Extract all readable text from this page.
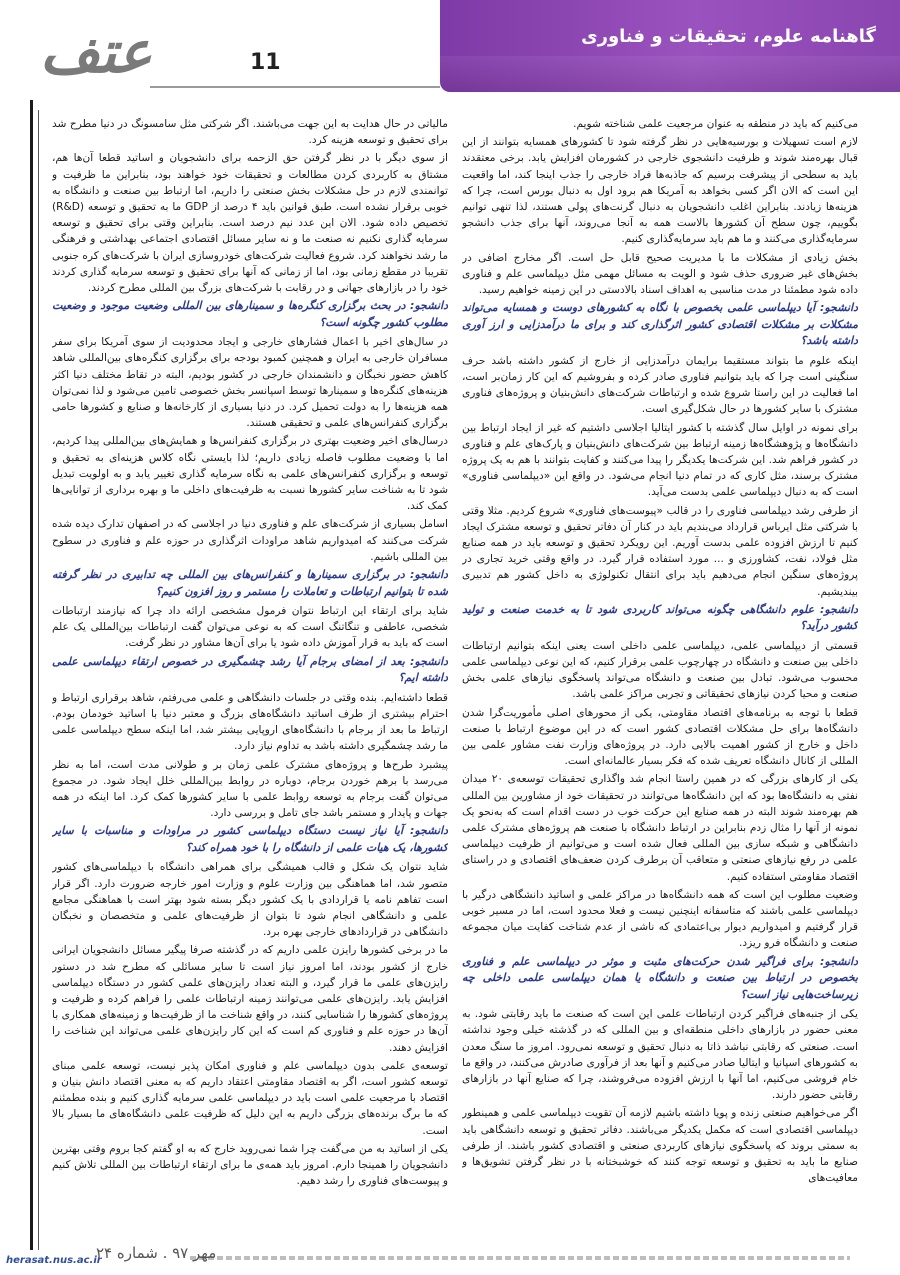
گاهنامه علوم، تحقیقات و فناوری
11
عتف

می‌کنیم که باید در منطقه به عنوان مرجعیت علمی شناخته شویم.

لازم است تسهیلات و بورسیه‌هایی در نظر گرفته شود تا کشورهای همسایه بتوانند از این قبال بهره‌مند شوند و ظرفیت دانشجوی خارجی در کشورمان افزایش یابد. برخی معتقدند باید به سطحی از پیشرفت برسیم که جاذبه‌ها فراد خارجی را جذب اینجا کند، اما واقعیت این است که الان اگر کسی بخواهد به آمریکا هم برود اول به دنبال بورس است، چرا که هزینه‌ها زیادند. بنابراین اغلب دانشجویان به دنبال گرنت‌های پولی هستند، لذا تنهی توانیم بگوییم، چون سطح آن کشورها بالاست همه به آنجا می‌روند، آنها برای جذب دانشجو سرمایه‌گذاری می‌کنند و ما هم باید سرمایه‌گذاری کنیم.

بخش زیادی از مشکلات ما با مدیریت صحیح قابل حل است. اگر مخارج اضافی در بخش‌های غیر ضروری حذف شود و الویت به مسائل مهمی مثل دیپلماسی علم و فناوری داده شود مطمئنا در مدت مناسبی به اهداف اسناد بالادستی در این زمینه خواهیم رسید.

دانشجو: آیا دیپلماسی علمی بخصوص با نگاه به کشورهای دوست و همسایه می‌تواند مشکلات بر مشکلات اقتصادی کشور اثرگذاری کند و برای ما درآمدزایی و ارز آوری داشته باشد؟

اینکه علوم ما بتواند مستقیما برایمان درآمدزایی از خارج از کشور داشته باشد حرف سنگینی است چرا که باید بتوانیم فناوری صادر کرده و بفروشیم که این کار زمان‌بر است، اما فعالیت در این راستا شروع شده و ارتباطات شرکت‌های دانش‌بنیان و پروژه‌های فناوری مشترک با سایر کشورها در حال شکل‌گیری است.

برای نمونه در اوایل سال گذشته با کشور ایتالیا اجلاسی داشتیم که غیر از ایجاد ارتباط بین دانشگاه‌ها و پژوهشگاه‌ها زمینه ارتباط بین شرکت‌های دانش‌بنیان و پارک‌های علم و فناوری در کشور فراهم شد. این شرکت‌ها یکدیگر را پیدا می‌کنند و کفایت بتوانند با هم به یک پروژه مشترک برسند، مثل کاری که در تمام دنیا انجام می‌شود. در واقع این «دیپلماسی فناوری» است که به دنبال دیپلماسی علمی بدست می‌آید.

از طرفی رشد دیپلماسی فناوری را در قالب «پیوست‌های فناوری» شروع کردیم. مثلا وقتی با شرکتی مثل ایرباس قرارداد می‌بندیم باید در کنار آن دفاتر تحقیق و توسعه مشترک ایجاد کنیم تا ارزش افزوده علمی بدست آوریم. این رویکرد تحقیق و توسعه باید در همه صنایع مثل فولاد، نفت، کشاورزی و ... مورد استفاده قرار گیرد. در واقع وقتی خرید تجاری در پروژه‌های سنگین انجام می‌دهیم باید برای انتقال تکنولوژی به داخل کشور هم تدبیری بیندیشیم.

دانشجو: علوم دانشگاهی چگونه می‌تواند کاربردی شود تا به خدمت صنعت و تولید کشور درآید؟

قسمتی از دیپلماسی علمی، دیپلماسی علمی داخلی است یعنی اینکه بتوانیم ارتباطات داخلی بین صنعت و دانشگاه در چهارچوب علمی برقرار کنیم، که این نوعی دیپلماسی علمی محسوب می‌شود. تبادل بین صنعت و دانشگاه می‌تواند پاسخگوی نیازهای علمی بخش صنعت و محیا کردن نیازهای تحقیقاتی و تجربی مراکز علمی باشد.

قطعا با توجه به برنامه‌های اقتصاد مقاومتی، یکی از محورهای اصلی مأموریت‌گرا شدن دانشگاه‌ها برای حل مشکلات اقتصادی کشور است که در این موضوع ارتباط با صنعت داخل و خارج از کشور اهمیت بالایی دارد. در پروژه‌های وزارت نفت مشاور علمی بین المللی از کانال دانشگاه تعریف شده که فکر بسیار عالمانه‌ای است.

یکی از کارهای بزرگی که در همین راستا انجام شد واگذاری تحقیقات توسعه‌ی ۲۰ میدان نفتی به دانشگاه‌ها بود که این دانشگاه‌ها می‌توانند در تحقیقات خود از مشاورین بین المللی هم بهره‌مند شوند البته در همه صنایع این حرکت خوب در دست اقدام است که به‌نحو یک نمونه از آنها را مثال زدم بنابراین در ارتباط دانشگاه با صنعت هم پروژه‌های مشترک علمی دانشگاهی و شبکه سازی بین المللی فعال شده است و می‌توانیم از ظرفیت دیپلماسی علمی در رفع نیازهای صنعتی و متعاقب آن برطرف کردن ضعف‌های اقتصادی و در راستای اقتصاد مقاومتی استفاده کنیم.

وضعیت مطلوب این است که همه دانشگاه‌ها در مراکز علمی و اساتید دانشگاهی درگیر با دیپلماسی علمی باشند که متاسفانه اینچنین نیست و فعلا محدود است، اما در مسیر خوبی قرار گرفتیم و امیدواریم دیوار بی‌اعتمادی که ناشی از عدم شناخت کفایت میان مجموعه صنعت و دانشگاه فرو ریزد.

دانشجو: برای فراگیر شدن حرکت‌های مثبت و موثر در دیپلماسی علم و فناوری بخصوص در ارتباط بین صنعت و دانشگاه یا همان دیپلماسی علمی داخلی چه زیرساخت‌هایی نیاز است؟

یکی از جنبه‌های فراگیر کردن ارتباطات علمی این است که صنعت ما باید رقابتی شود. به معنی حضور در بازارهای داخلی منطقه‌ای و بین المللی که در گذشته خیلی وجود نداشته است. صنعتی که رقابتی نباشد ذاتا به دنبال تحقیق و توسعه نمی‌رود. امروز ما سنگ معدن به کشورهای اسپانیا و ایتالیا صادر می‌کنیم و آنها بعد از فرآوری صادرش می‌کنند، در واقع ما خام فروشی می‌کنیم، اما آنها با ارزش افزوده می‌فروشند، چرا که صنایع آنها در بازارهای رقابتی حضور دارند.

اگر می‌خواهیم صنعتی زنده و پویا داشته باشیم لازمه آن تقویت دیپلماسی علمی و همینطور دیپلماسی اقتصادی است که مکمل یکدیگر می‌باشند. دفاتر تحقیق و توسعه دانشگاهی باید به سمتی بروند که پاسخگوی نیازهای کاربردی صنعتی و اقتصادی کشور باشند. از طرفی صنایع ما باید به تحقیق و توسعه توجه کنند که خوشبختانه با در نظر گرفتن تشویق‌ها و معافیت‌های

مالیاتی در حال هدایت به این جهت می‌باشند. اگر شرکتی مثل سامسونگ در دنیا مطرح شد برای تحقیق و توسعه هزینه کرد.

از سوی دیگر با در نظر گرفتن حق الزحمه برای دانشجویان و اساتید قطعا آن‌ها هم، مشتاق به کاربردی کردن مطالعات و تحقیقات خود خواهند بود، بنابراین ما ظرفیت و توانمندی لازم در حل مشکلات بخش صنعتی را داریم، اما ارتباط بین صنعت و دانشگاه به خوبی برقرار نشده است. طبق قوانین باید ۴ درصد از GDP ما به تحقیق و توسعه (R&D) تخصیص داده شود. الان این عدد نیم درصد است. بنابراین وقتی برای تحقیق و توسعه سرمایه گذاری نکنیم نه صنعت ما و نه سایر مسائل اقتصادی اجتماعی بهداشتی و فرهنگی ما رشد نخواهند کرد. شروع فعالیت شرکت‌های خودروسازی ایران با شرکت‌های کره جنوبی تقریبا در مقطع زمانی بود، اما از زمانی که آنها برای تحقیق و توسعه سرمایه گذاری کردند خود را در بازارهای جهانی و در رقابت با شرکت‌های بزرگ بین المللی مطرح کردند.

دانشجو: در بحث برگزاری کنگره‌ها و سمینارهای بین المللی وضعیت موجود و وضعیت مطلوب کشور چگونه است؟

در سال‌های اخیر با اعمال فشارهای خارجی و ایجاد محدودیت از سوی آمریکا برای سفر مسافران خارجی به ایران و همچنین کمبود بودجه برای برگزاری کنگره‌های بین‌المللی شاهد کاهش حضور نخبگان و دانشمندان خارجی در کشور بودیم، البته در تقاط مختلف دنیا اکثر هزینه‌های کنگره‌ها و سمینارها توسط اسپانسر بخش خصوصی تامین می‌شود و لذا نمی‌توان همه هزینه‌ها را به دولت تحمیل کرد. در دنیا بسیاری از کارخانه‌ها و صنایع و کشورها حامی برگزاری کنفرانس‌های علمی و تحقیقی هستند.

درسال‌های اخیر وضعیت بهتری در برگزاری کنفرانس‌ها و همایش‌های بین‌المللی پیدا کردیم، اما با وضعیت مطلوب فاصله زیادی داریم؛ لذا بایستی نگاه کلاس هزینه‌ای به تحقیق و توسعه و برگزاری کنفرانس‌های علمی به نگاه سرمایه گذاری تغییر یابد و به اولویت تبدیل شود تا به شناخت سایر کشورها نسبت به ظرفیت‌های داخلی ما و بهره برداری از توانایی‌ها کمک کند.

اسامل بسیاری از شرکت‌های علم و فناوری دنیا در اجلاسی که در اصفهان تدارک دیده شده شرکت می‌کنند که امیدواریم شاهد مراودات اثرگذاری در حوزه علم و فناوری در سطوح بین المللی باشیم.

دانشجو: در برگزاری سمینارها و کنفرانس‌های بین المللی چه تدابیری در نظر گرفته شده تا بتوانیم ارتباطات و تعاملات را مستمر و روز افزون کنیم؟

شاید برای ارتقاء این ارتباط نتوان فرمول مشخصی ارائه داد چرا که نیازمند ارتباطات شخصی، عاطفی و تنگاتنگ است که به نوعی می‌توان گفت ارتباطات بین‌المللی یک علم است که باید به قرار آموزش داده شود یا برای آن‌ها مشاور در نظر گرفت.

دانشجو: بعد از امضای برجام آیا رشد چشمگیری در خصوص ارتقاء دیپلماسی علمی داشته ایم؟

قطعا داشته‌ایم. بنده وقتی در جلسات دانشگاهی و علمی می‌رفتم، شاهد برقراری ارتباط و احترام بیشتری از طرف اساتید دانشگاه‌های بزرگ و معتبر دنیا با اساتید خودمان بودم. ارتباط ما بعد از برجام با دانشگاه‌های اروپایی بیشتر شد، اما اینکه سطح دیپلماسی علمی ما رشد چشمگیری داشته باشد به تداوم نیاز دارد.

پیشبرد طرح‌ها و پروژه‌های مشترک علمی زمان بر و طولانی مدت است، اما به نظر می‌رسد با برهم خوردن برجام، دوباره در روابط بین‌المللی خلل ایجاد شود. در مجموع می‌توان گفت برجام به توسعه روابط علمی با سایر کشورها کمک کرد. اما اینکه در همه جهات و پایدار و مستمر باشد جای تامل و بررسی دارد.

دانشجو: آیا نیاز نیست دستگاه دیپلماسی کشور در مراودات و مناسبات با سایر کشورها، یک هیات علمی از دانشگاه را با خود همراه کند؟

شاید نتوان یک شکل و قالب همیشگی برای همراهی دانشگاه با دیپلماسی‌های کشور متصور شد، اما هماهنگی بین وزارت علوم و وزارت امور خارجه ضرورت دارد. اگر قرار است تفاهم نامه یا قراردادی با یک کشور دیگر بسته شود بهتر است با هماهنگی مجامع علمی و دانشگاهی انجام شود تا بتوان از ظرفیت‌های علمی و متخصصان و نخبگان دانشگاهی در قراردادهای خارجی بهره برد.

ما در برخی کشورها رایزن علمی داریم که در گذشته صرفا پیگیر مسائل دانشجویان ایرانی خارج از کشور بودند، اما امروز نیاز است تا سایر مسائلی که مطرح شد در دستور رایزن‌های علمی ما قرار گیرد، و البته تعداد رایزن‌های علمی کشور در دستگاه دیپلماسی افزایش یابد. رایزن‌های علمی می‌توانند زمینه ارتباطات علمی را فراهم کرده و ظرفیت و پروژه‌های کشورها را شناسایی کنند، در واقع شناخت ما از ظرفیت‌ها و زمینه‌های همکاری با آن‌ها در حوزه علم و فناوری کم است که این کار رایزن‌های علمی می‌تواند این شناخت را افزایش دهند.

توسعه‌ی علمی بدون دیپلماسی علم و فناوری امکان پذیر نیست، توسعه علمی مبنای توسعه کشور است، اگر به اقتصاد مقاومتی اعتقاد داریم که به معنی اقتصاد دانش بنیان و اقتصاد با مرجعیت علمی است باید در دیپلماسی علمی سرمایه گذاری کنیم و بنده مطمئنم که ما برگ برنده‌های بزرگی داریم به این دلیل که ظرفیت علمی دانشگاه‌های ما بسیار بالا است.

یکی از اساتید به من می‌گفت چرا شما نمی‌روید خارج که به او گفتم کجا بروم وقتی بهترین دانشجویان را همینجا دارم. امروز باید همه‌ی ما برای ارتقاء ارتباطات بین المللی تلاش کنیم و پیوست‌های فناوری را رشد دهیم.

مهر ۹۷ . شماره ۲۴
herasat.nus.ac.ir
